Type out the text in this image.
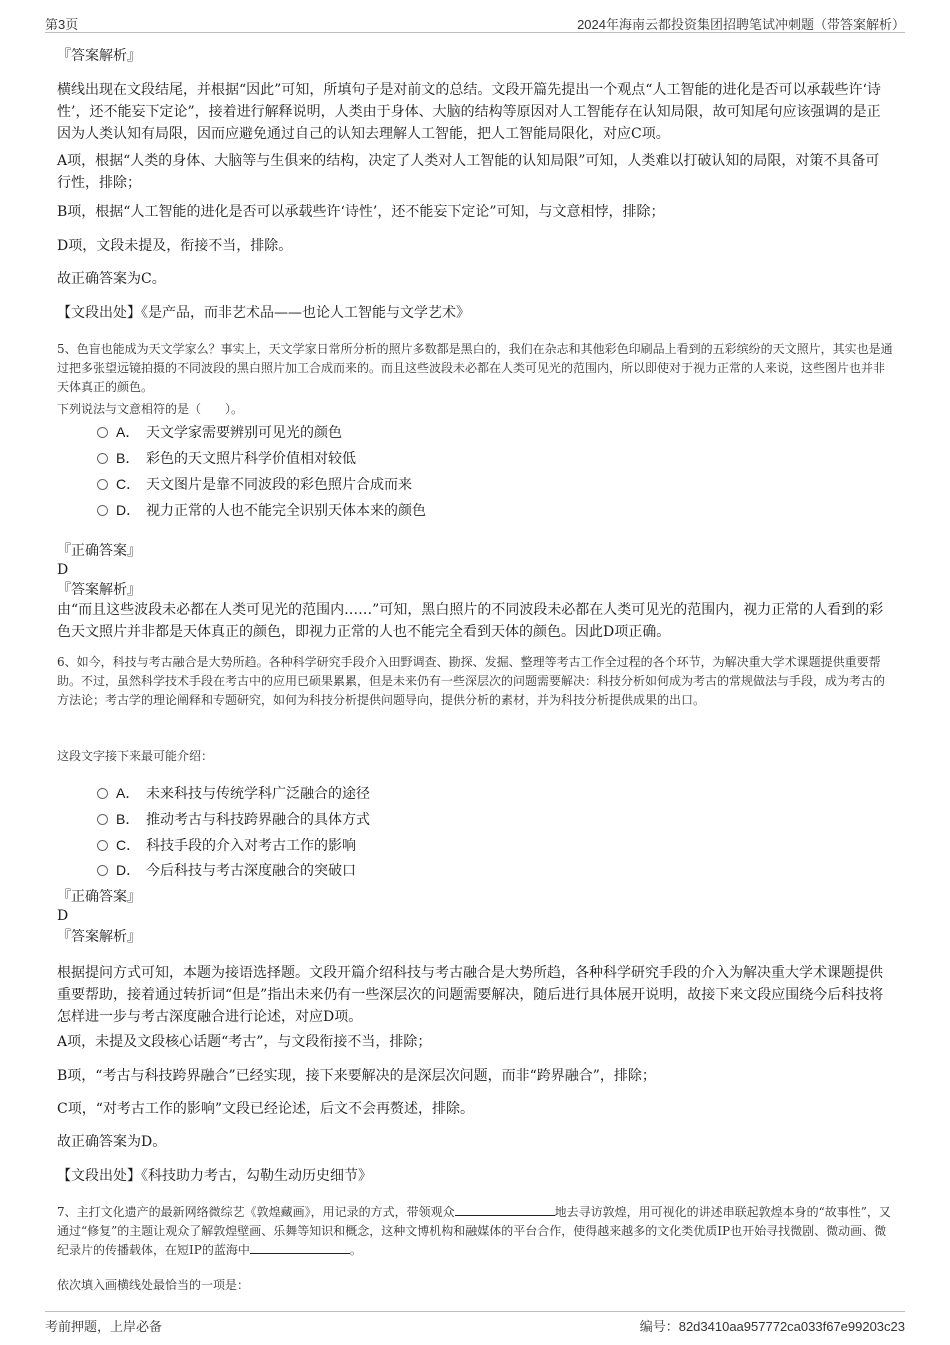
第3页	2024年海南云都投资集团招聘笔试冲刺题（带答案解析）

『答案解析』

横线出现在文段结尾，并根据“因此”可知，所填句子是对前文的总结。文段开篇先提出一个观点“人工智能的进化是否可以承载些许‘诗性’，还不能妄下定论”，接着进行解释说明，人类由于身体、大脑的结构等原因对人工智能存在认知局限，故可知尾句应该强调的是正因为人类认知有局限，因而应避免通过自己的认知去理解人工智能，把人工智能局限化，对应C项。

A项，根据“人类的身体、大脑等与生俱来的结构，决定了人类对人工智能的认知局限”可知，人类难以打破认知的局限，对策不具备可行性，排除；

B项，根据“人工智能的进化是否可以承载些许‘诗性’，还不能妄下定论”可知，与文意相悖，排除；

D项，文段未提及，衔接不当，排除。

故正确答案为C。

【文段出处】《是产品，而非艺术品——也论人工智能与文学艺术》

5、色盲也能成为天文学家么？事实上，天文学家日常所分析的照片多数都是黑白的，我们在杂志和其他彩色印刷品上看到的五彩缤纷的天文照片，其实也是通过把多张望远镜拍摄的不同波段的黑白照片加工合成而来的。而且这些波段未必都在人类可见光的范围内，所以即使对于视力正常的人来说，这些图片也并非天体真正的颜色。

下列说法与文意相符的是（　　）。

A． 天文学家需要辨别可见光的颜色
B． 彩色的天文照片科学价值相对较低
C． 天文图片是靠不同波段的彩色照片合成而来
D． 视力正常的人也不能完全识别天体本来的颜色

『正确答案』

D

『答案解析』

由“而且这些波段未必都在人类可见光的范围内……”可知，黑白照片的不同波段未必都在人类可见光的范围内，视力正常的人看到的彩色天文照片并非都是天体真正的颜色，即视力正常的人也不能完全看到天体的颜色。因此D项正确。

6、如今，科技与考古融合是大势所趋。各种科学研究手段介入田野调查、勘探、发掘、整理等考古工作全过程的各个环节，为解决重大学术课题提供重要帮助。不过，虽然科学技术手段在考古中的应用已硕果累累，但是未来仍有一些深层次的问题需要解决：科技分析如何成为考古的常规做法与手段，成为考古的方法论；考古学的理论阐释和专题研究，如何为科技分析提供问题导向，提供分析的素材，并为科技分析提供成果的出口。

这段文字接下来最可能介绍：

A． 未来科技与传统学科广泛融合的途径
B． 推动考古与科技跨界融合的具体方式
C． 科技手段的介入对考古工作的影响
D． 今后科技与考古深度融合的突破口

『正确答案』

D

『答案解析』

根据提问方式可知，本题为接语选择题。文段开篇介绍科技与考古融合是大势所趋，各种科学研究手段的介入为解决重大学术课题提供重要帮助，接着通过转折词“但是”指出未来仍有一些深层次的问题需要解决，随后进行具体展开说明，故接下来文段应围绕今后科技将怎样进一步与考古深度融合进行论述，对应D项。

A项，未提及文段核心话题“考古”，与文段衔接不当，排除；

B项，“考古与科技跨界融合”已经实现，接下来要解决的是深层次问题，而非“跨界融合”，排除；

C项，“对考古工作的影响”文段已经论述，后文不会再赘述，排除。

故正确答案为D。

【文段出处】《科技助力考古，勾勒生动历史细节》

7、主打文化遗产的最新网络微综艺《敦煌藏画》，用记录的方式，带领观众	地去寻访敦煌，用可视化的讲述串联起敦煌本身的“故事性”，又通过“修复”的主题让观众了解敦煌壁画、乐舞等知识和概念，这种文博机构和融媒体的平台合作，使得越来越多的文化类优质IP也开始寻找微剧、微动画、微纪录片的传播载体，在短IP的蓝海中	。

依次填入画横线处最恰当的一项是：

考前押题，上岸必备	编号：82d3410aa957772ca033f67e99203c23
